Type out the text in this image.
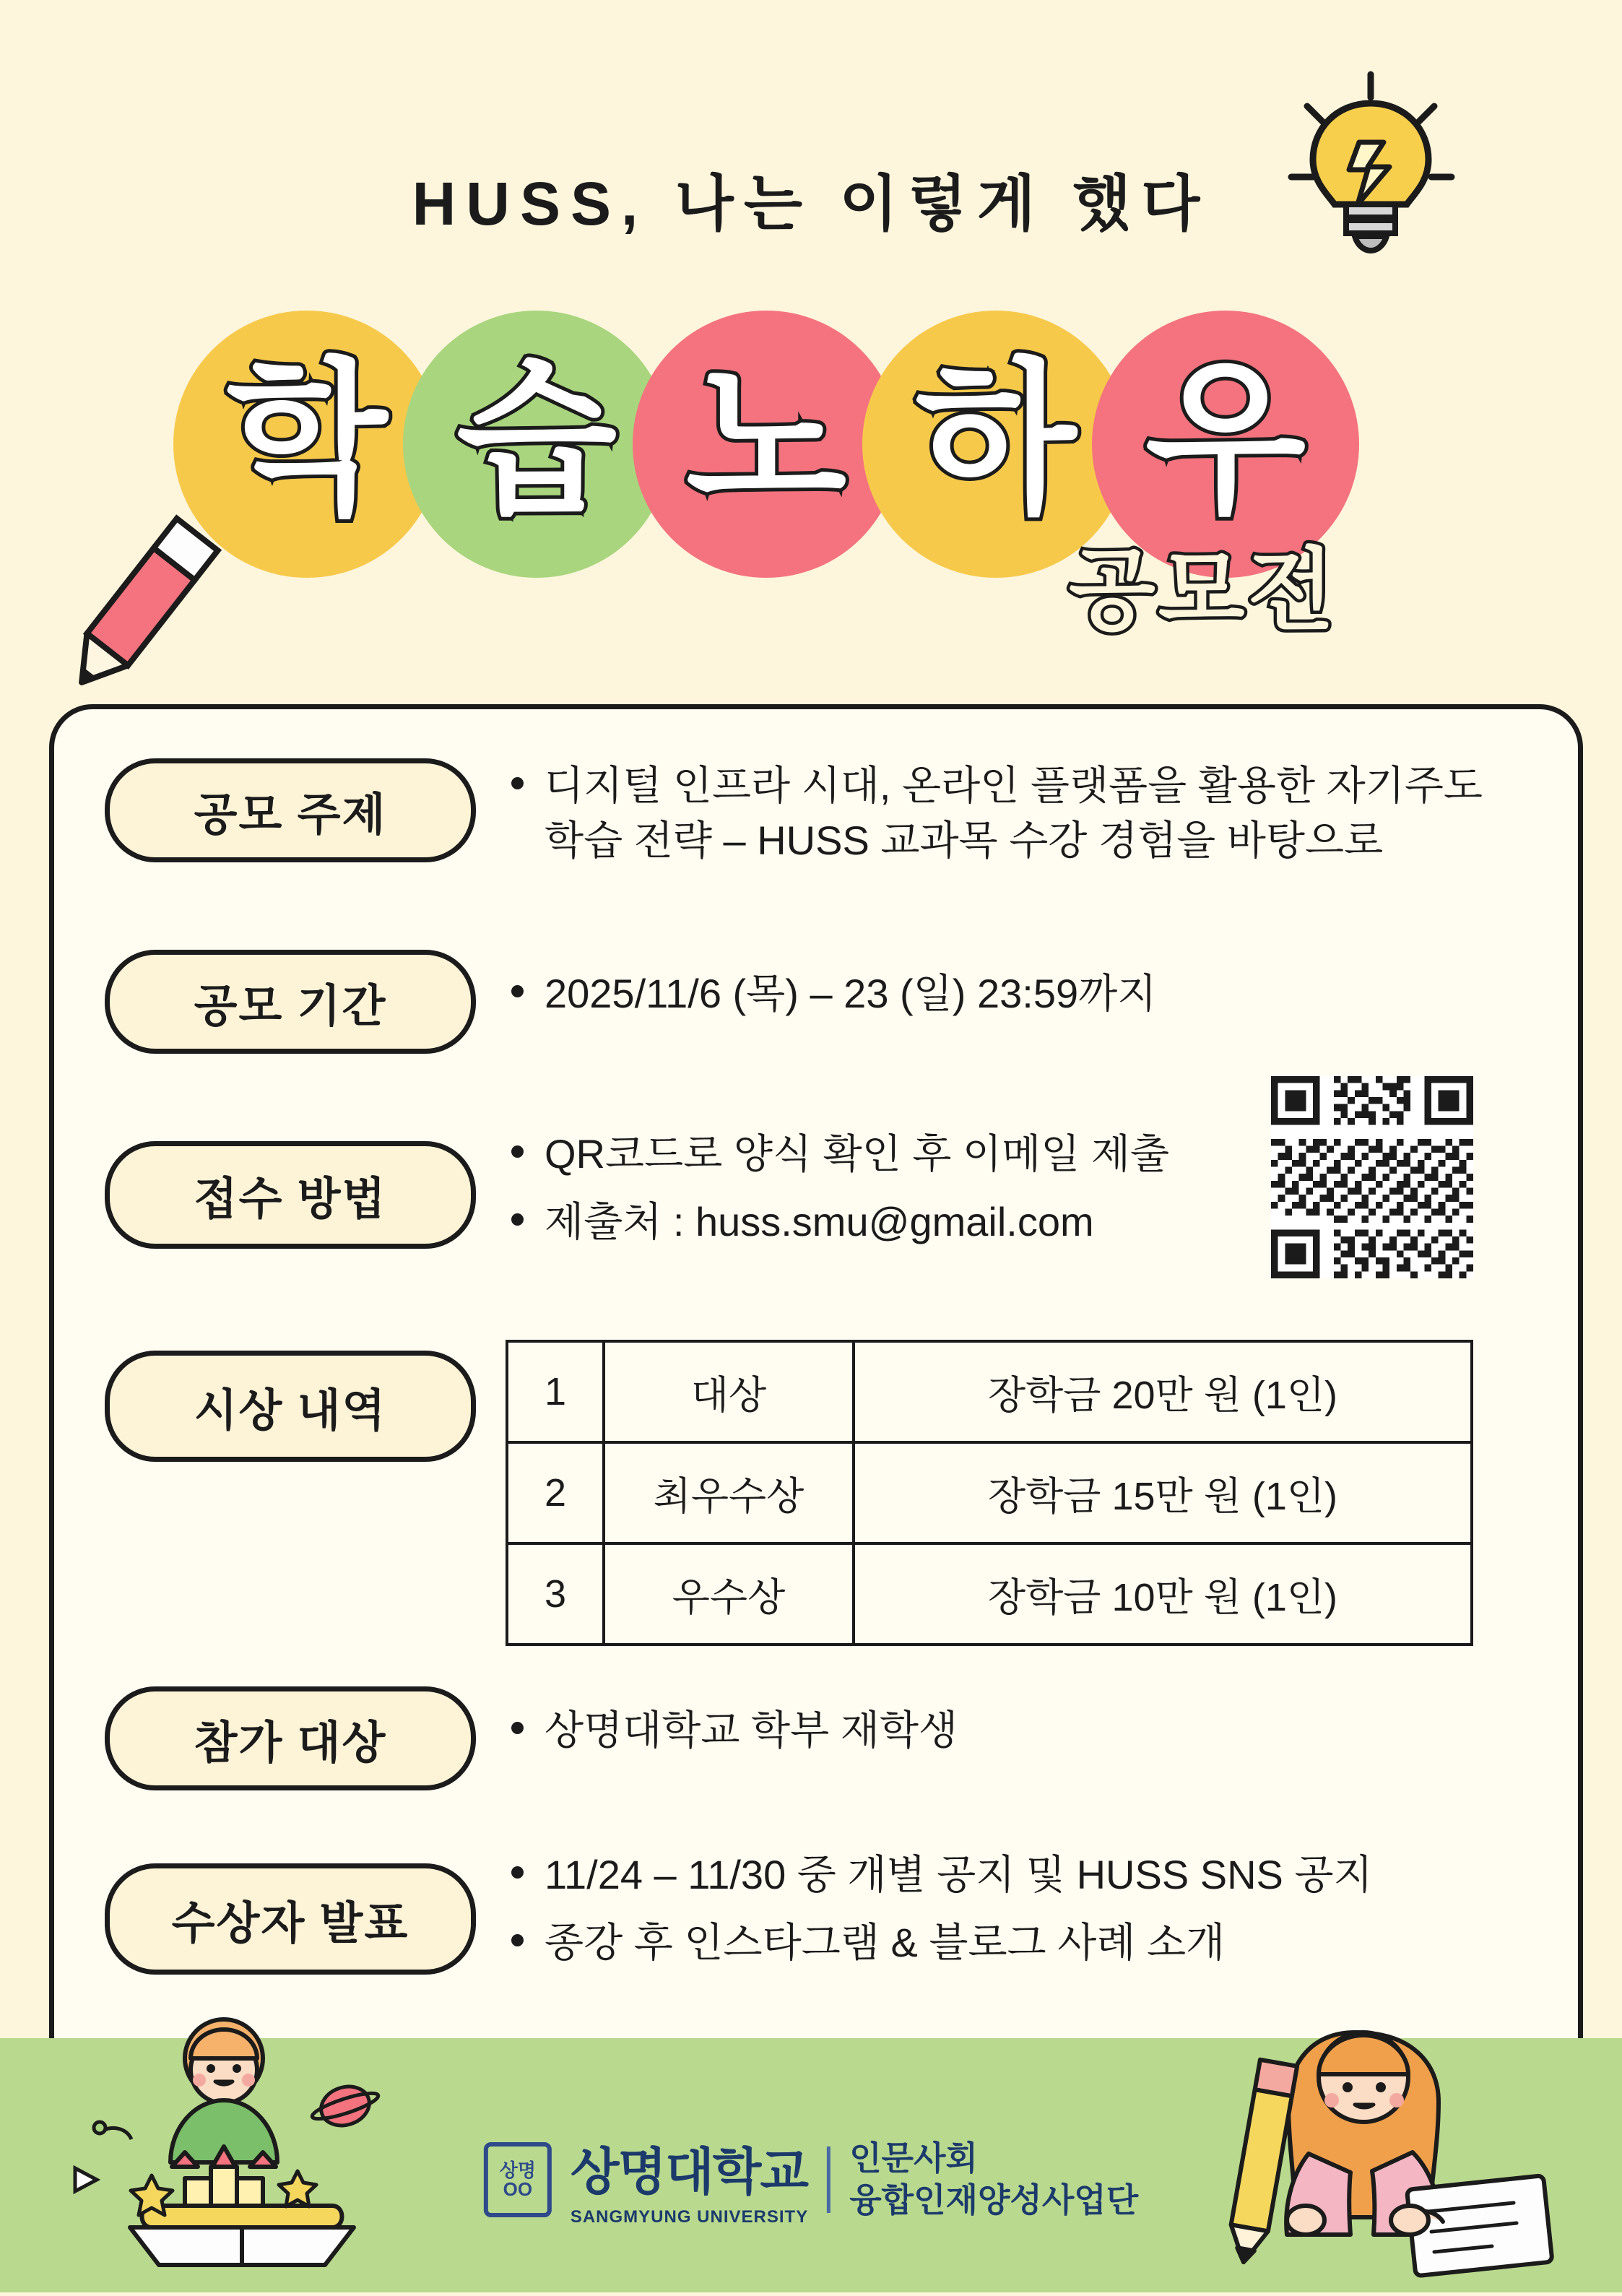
HUSS, 나는 이렇게 했다
학 습 노 하 우
공모전
공모 주제
디지털 인프라 시대, 온라인 플랫폼을 활용한 자기주도 학습 전략 – HUSS 교과목 수강 경험을 바탕으로
공모 기간	2025/11/6 (목) – 23 (일) 23:59까지
접수 방법
QR코드로 양식 확인 후 이메일 제출
제출처 : huss.smu@gmail.com
시상 내역	1	대상	장학금 20만 원 (1인)
2	최우수상	장학금 15만 원 (1인)
3	우수상	장학금 10만 원 (1인)
참가 대상	상명대학교 학부 재학생
수상자 발표
11/24 – 11/30 중 개별 공지 및 HUSS SNS 공지
종강 후 인스타그램 & 블로그 사례 소개
상명
OO 상명대학교
SANGMYUNG UNIVERSITY
인문사회
융합인재양성사업단
